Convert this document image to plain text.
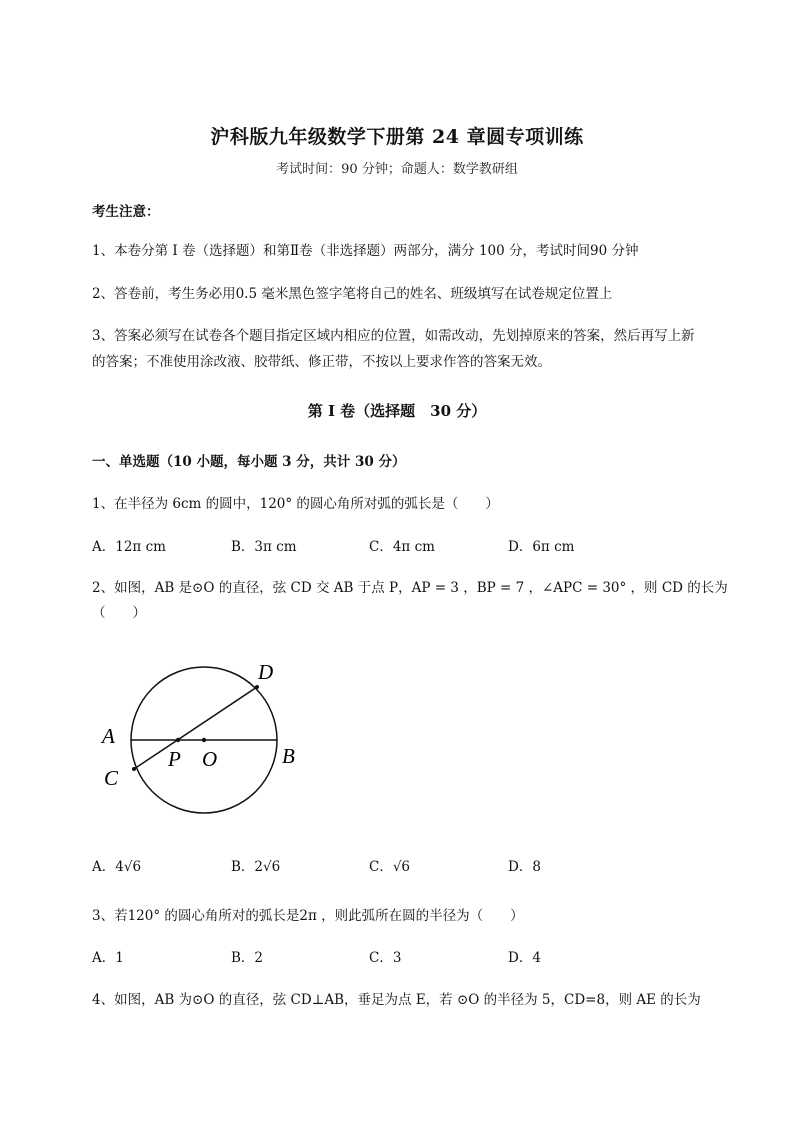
沪科版九年级数学下册第 24 章圆专项训练
考试时间：90 分钟；命题人：数学教研组
考生注意：
1、本卷分第 I 卷（选择题）和第Ⅱ卷（非选择题）两部分，满分 100 分，考试时间90 分钟
2、答卷前，考生务必用0.5 毫米黑色签字笔将自己的姓名、班级填写在试卷规定位置上
3、答案必须写在试卷各个题目指定区域内相应的位置，如需改动，先划掉原来的答案，然后再写上新
的答案；不准使用涂改液、胶带纸、修正带，不按以上要求作答的答案无效。
第 I 卷（选择题　30 分）
一、单选题（10 小题，每小题 3 分，共计 30 分）
1、在半径为 6cm 的圆中，120° 的圆心角所对弧的弧长是（　　）
A．12π cm	B．3π cm	C．4π cm	D．6π cm
2、如图，AB 是⊙O 的直径，弦 CD 交 AB 于点 P，AP = 3 ，BP = 7 ，∠APC = 30° ，则 CD 的长为
（　　）
A
B
C
D
P O
A．4√6	B．2√6	C．√6	D．8
3、若120° 的圆心角所对的弧长是2π ，则此弧所在圆的半径为（　　）
A．1	B．2	C．3	D．4
4、如图，AB 为⊙O 的直径，弦 CD⊥AB，垂足为点 E，若 ⊙O 的半径为 5，CD=8，则 AE 的长为
